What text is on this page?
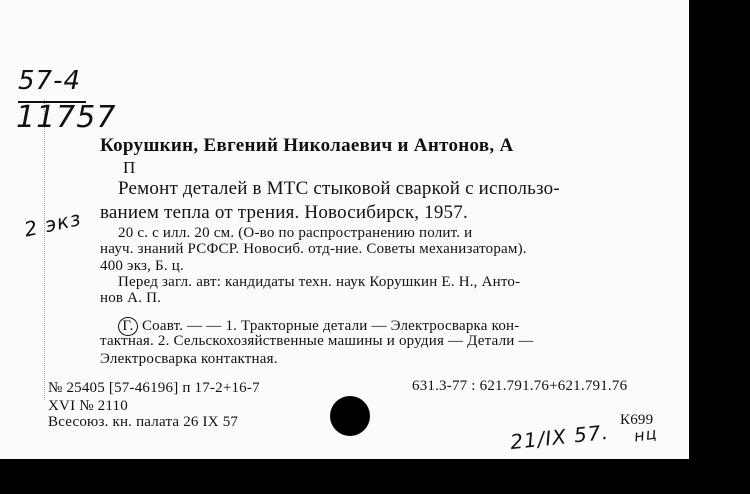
57-4
11757
2 экз
Корушкин, Евгений Николаевич и Антонов, А
П
Ремонт деталей в МТС стыковой сваркой с использо-
ванием тепла от трения. Новосибирск, 1957.
20 с. с илл. 20 см. (О-во по распространению полит. и
науч. знаний РСФСР. Новосиб. отд-ние. Советы механизаторам).
400 экз, Б. ц.
Перед загл. авт: кандидаты техн. наук Корушкин Е. Н., Анто-
нов А. П.
Г. Соавт. — — 1. Тракторные детали — Электросварка кон-
тактная. 2. Сельскохозяйственные машины и орудия — Детали —
Электросварка контактная.
№ 25405 [57-46196] п 17-2+16-7
XVI № 2110
Всесоюз. кн. палата 26 IX 57
631.3-77 : 621.791.76+621.791.76
К699
21/IX 57. нц
